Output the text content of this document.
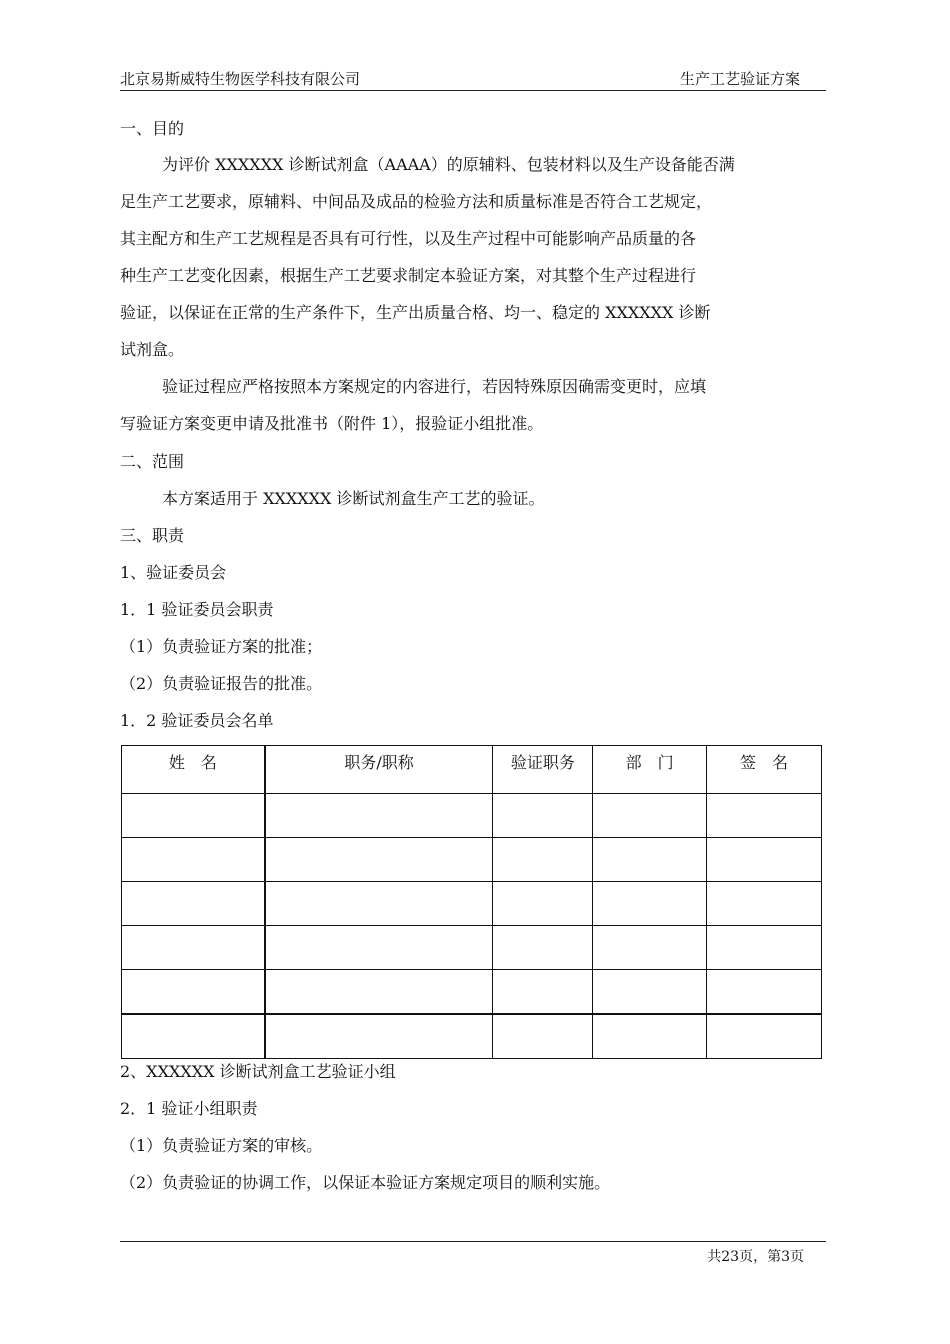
北京易斯威特生物医学科技有限公司	生产工艺验证方案
一、目的
为评价 XXXXXX 诊断试剂盒（AAAA）的原辅料、包装材料以及生产设备能否满
足生产工艺要求，原辅料、中间品及成品的检验方法和质量标准是否符合工艺规定，
其主配方和生产工艺规程是否具有可行性，以及生产过程中可能影响产品质量的各
种生产工艺变化因素，根据生产工艺要求制定本验证方案，对其整个生产过程进行
验证，以保证在正常的生产条件下，生产出质量合格、均一、稳定的 XXXXXX 诊断
试剂盒。
验证过程应严格按照本方案规定的内容进行，若因特殊原因确需变更时，应填
写验证方案变更申请及批准书（附件 1），报验证小组批准。
二、范围
本方案适用于 XXXXXX 诊断试剂盒生产工艺的验证。
三、职责
1、验证委员会
1．1 验证委员会职责
（1）负责验证方案的批准；
（2）负责验证报告的批准。
1．2 验证委员会名单
姓　名	职务/职称	验证职务	部　门	签　名

2、XXXXXX 诊断试剂盒工艺验证小组
2．1 验证小组职责
（1）负责验证方案的审核。
（2）负责验证的协调工作，以保证本验证方案规定项目的顺利实施。
共23页，第3页
